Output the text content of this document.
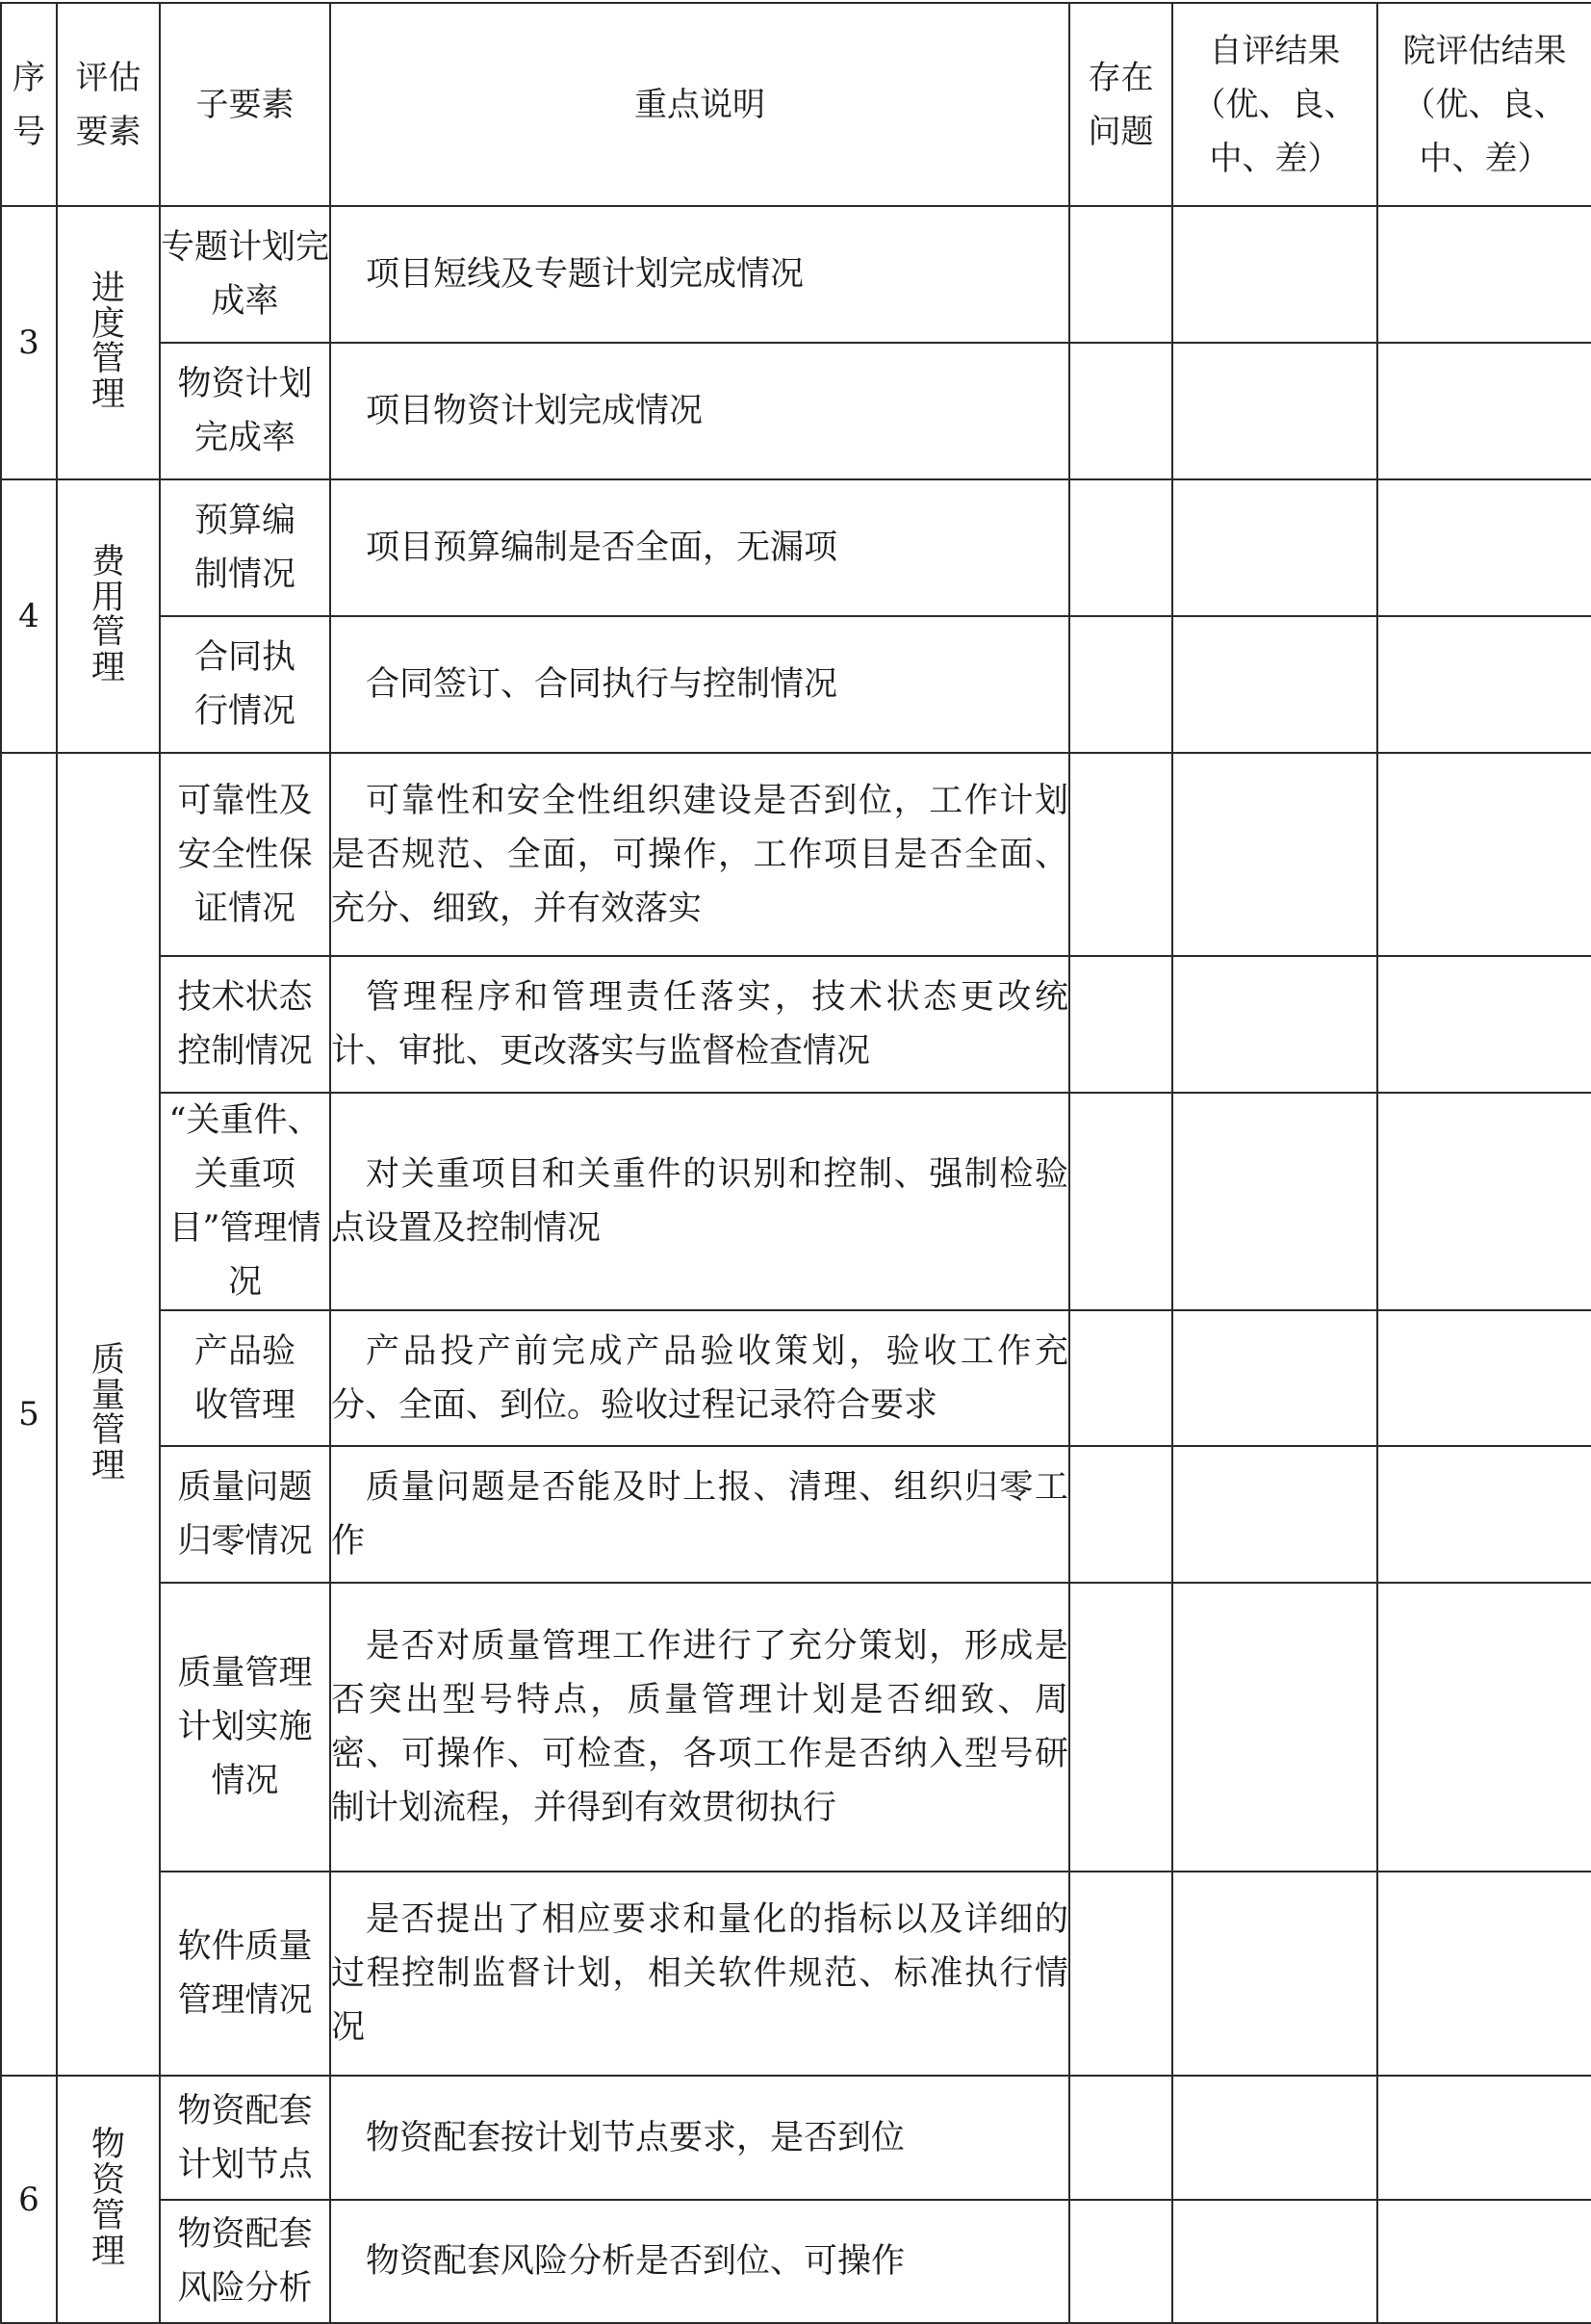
序号	评估要素	子要素	重点说明	存在问题	自评结果（优、良、中、差）	院评估结果（优、良、中、差）

3	进度管理	专题计划完成率	项目短线及专题计划完成情况			

		物资计划完成率	项目物资计划完成情况			

4	费用管理	预算编制情况	项目预算编制是否全面，无漏项			

		合同执行情况	合同签订、合同执行与控制情况			

5	质量管理	可靠性及安全性保证情况	可靠性和安全性组织建设是否到位，工作计划是否规范、全面，可操作，工作项目是否全面、充分、细致，并有效落实			

		技术状态控制情况	管理程序和管理责任落实，技术状态更改统计、审批、更改落实与监督检查情况			

		“关重件、关重项目”管理情况	对关重项目和关重件的识别和控制、强制检验点设置及控制情况			

		产品验收管理	产品投产前完成产品验收策划，验收工作充分、全面、到位。验收过程记录符合要求			

		质量问题归零情况	质量问题是否能及时上报、清理、组织归零工作			

		质量管理计划实施情况	是否对质量管理工作进行了充分策划，形成是否突出型号特点，质量管理计划是否细致、周密、可操作、可检查，各项工作是否纳入型号研制计划流程，并得到有效贯彻执行			

		软件质量管理情况	是否提出了相应要求和量化的指标以及详细的过程控制监督计划，相关软件规范、标准执行情况			

6	物资管理	物资配套计划节点	物资配套按计划节点要求，是否到位			

		物资配套风险分析	物资配套风险分析是否到位、可操作			
